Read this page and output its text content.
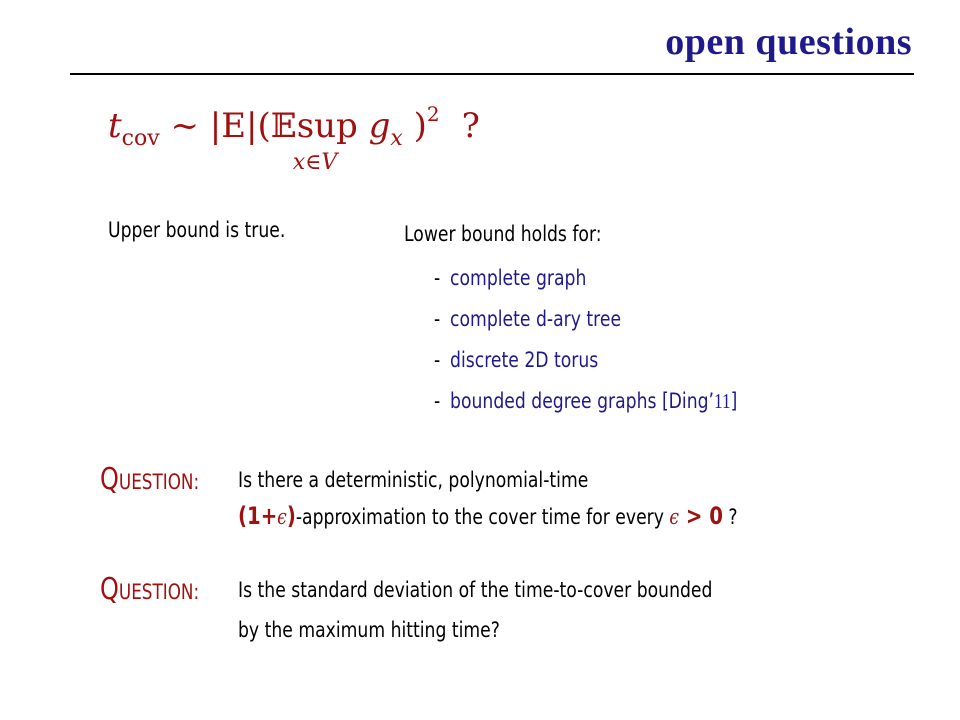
open questions
$t_{cov}$ ~ |E|(𝔼sup
x∈V
$g_x$ )$^2$ ?
Upper bound is true.	Lower bound holds for:
- complete graph
- complete d-ary tree
- discrete 2D torus
- bounded degree graphs [Ding’11]
QUESTION: Is there a deterministic, polynomial-time
(1+ϵ)-approximation to the cover time for every ϵ > 0 ?
QUESTION: Is the standard deviation of the time-to-cover bounded
by the maximum hitting time?
